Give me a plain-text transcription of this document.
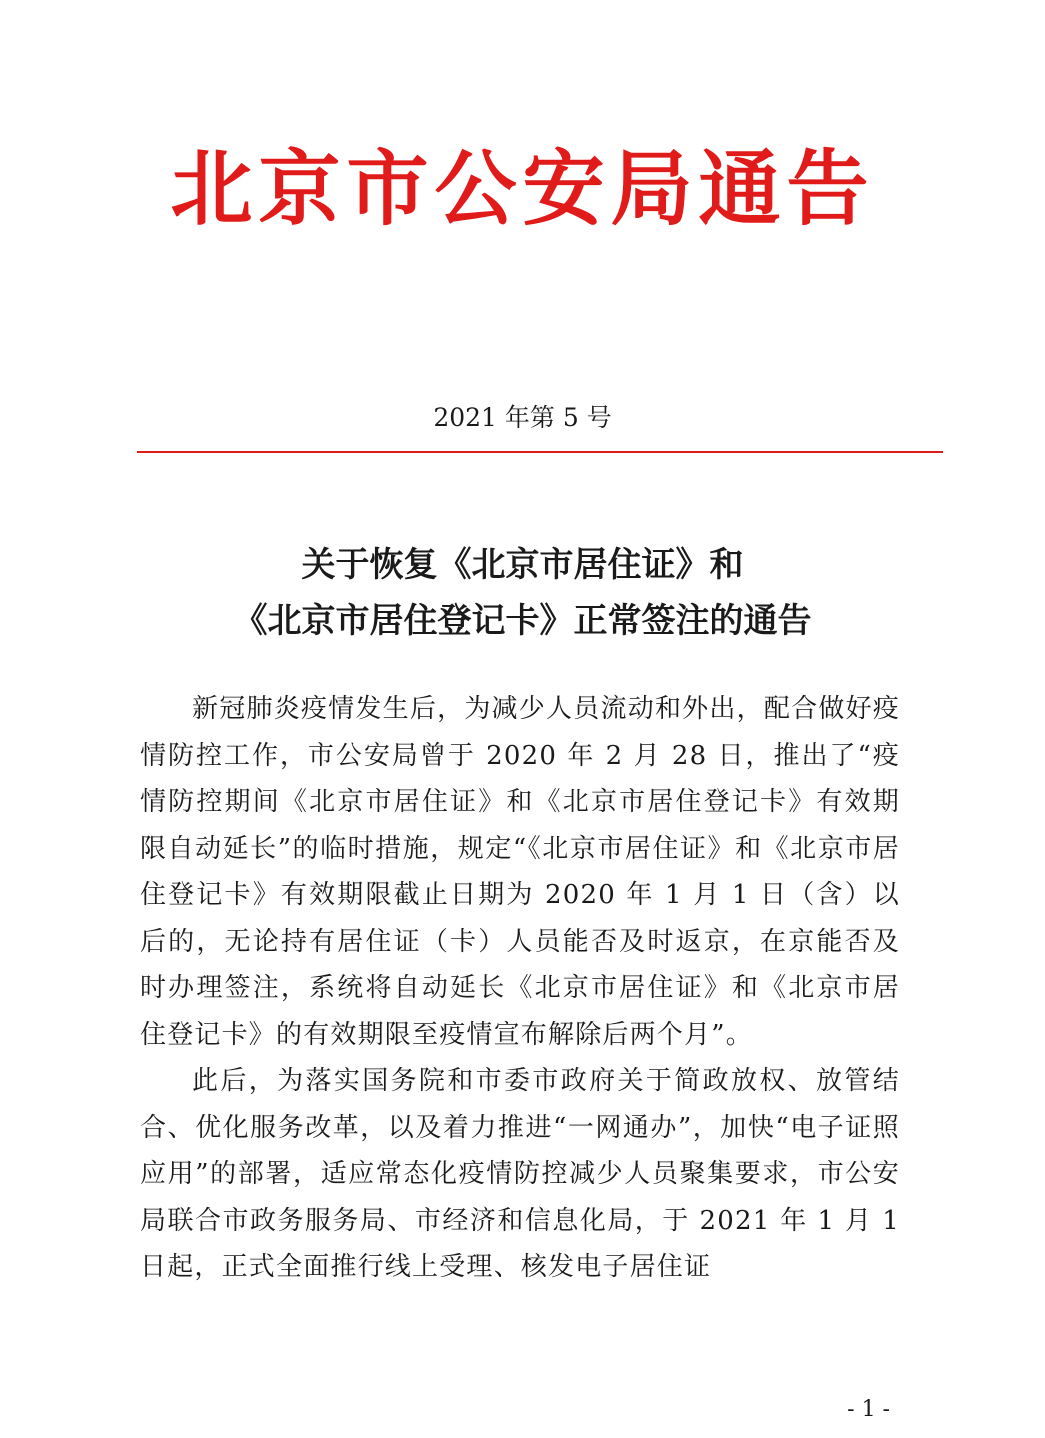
北京市公安局通告
2021 年第 5 号
关于恢复《北京市居住证》和
《北京市居住登记卡》正常签注的通告

新冠肺炎疫情发生后，为减少人员流动和外出，配合做好疫情防控工作，市公安局曾于 2020 年 2 月 28 日，推出了“疫情防控期间《北京市居住证》和《北京市居住登记卡》有效期限自动延长”的临时措施，规定“《北京市居住证》和《北京市居住登记卡》有效期限截止日期为 2020 年 1 月 1 日（含）以后的，无论持有居住证（卡）人员能否及时返京，在京能否及时办理签注，系统将自动延长《北京市居住证》和《北京市居住登记卡》的有效期限至疫情宣布解除后两个月”。

此后，为落实国务院和市委市政府关于简政放权、放管结合、优化服务改革，以及着力推进“一网通办”，加快“电子证照应用”的部署，适应常态化疫情防控减少人员聚集要求，市公安局联合市政务服务局、市经济和信息化局，于 2021 年 1 月 1 日起，正式全面推行线上受理、核发电子居住证

- 1 -
